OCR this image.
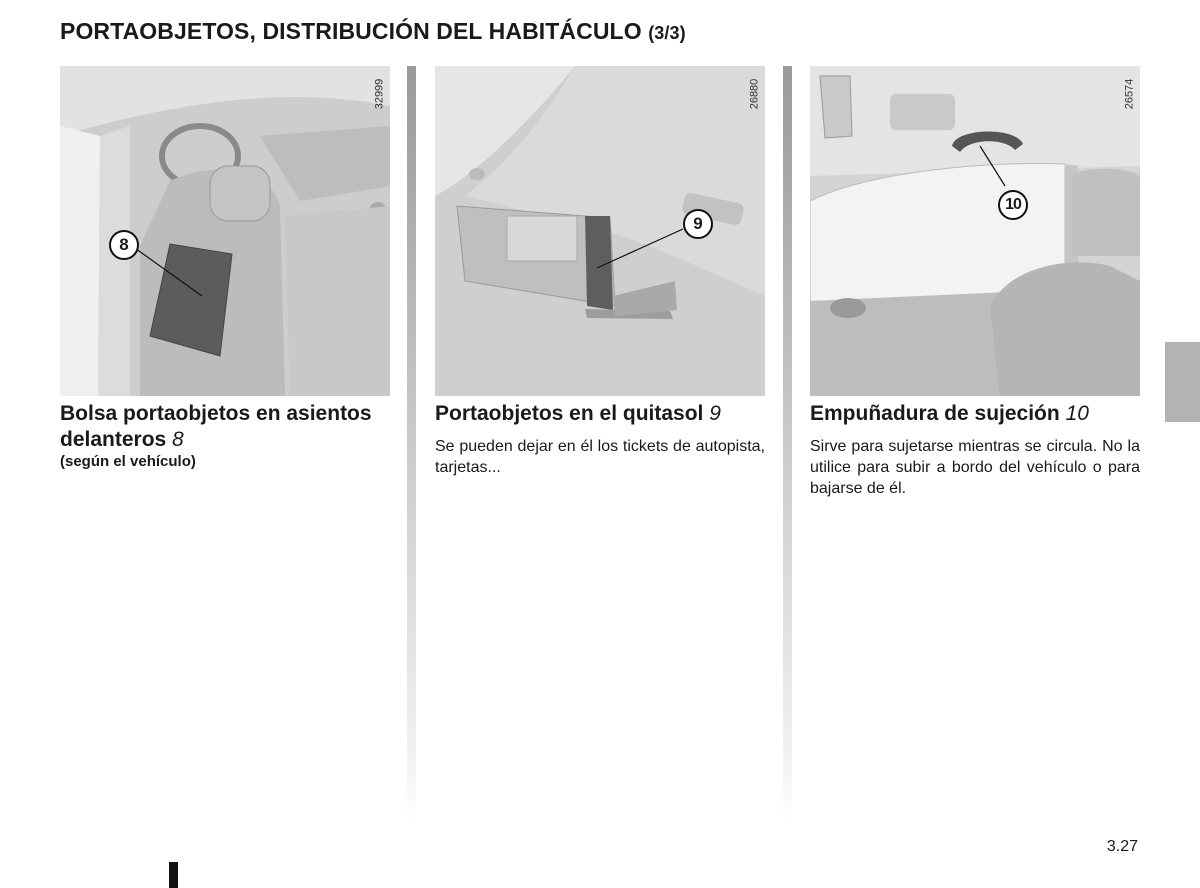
PORTAOBJETOS, DISTRIBUCIÓN DEL HABITÁCULO (3/3)
32999
8
26880
9
26574
10
Bolsa portaobjetos en asientos delanteros 8
(según el vehículo)
Portaobjetos en el quitasol 9

Se pueden dejar en él los tickets de autopista, tarjetas...

Empuñadura de sujeción 10

Sirve para sujetarse mientras se circula. No la utilice para subir a bordo del vehículo o para bajarse de él.

3.27
